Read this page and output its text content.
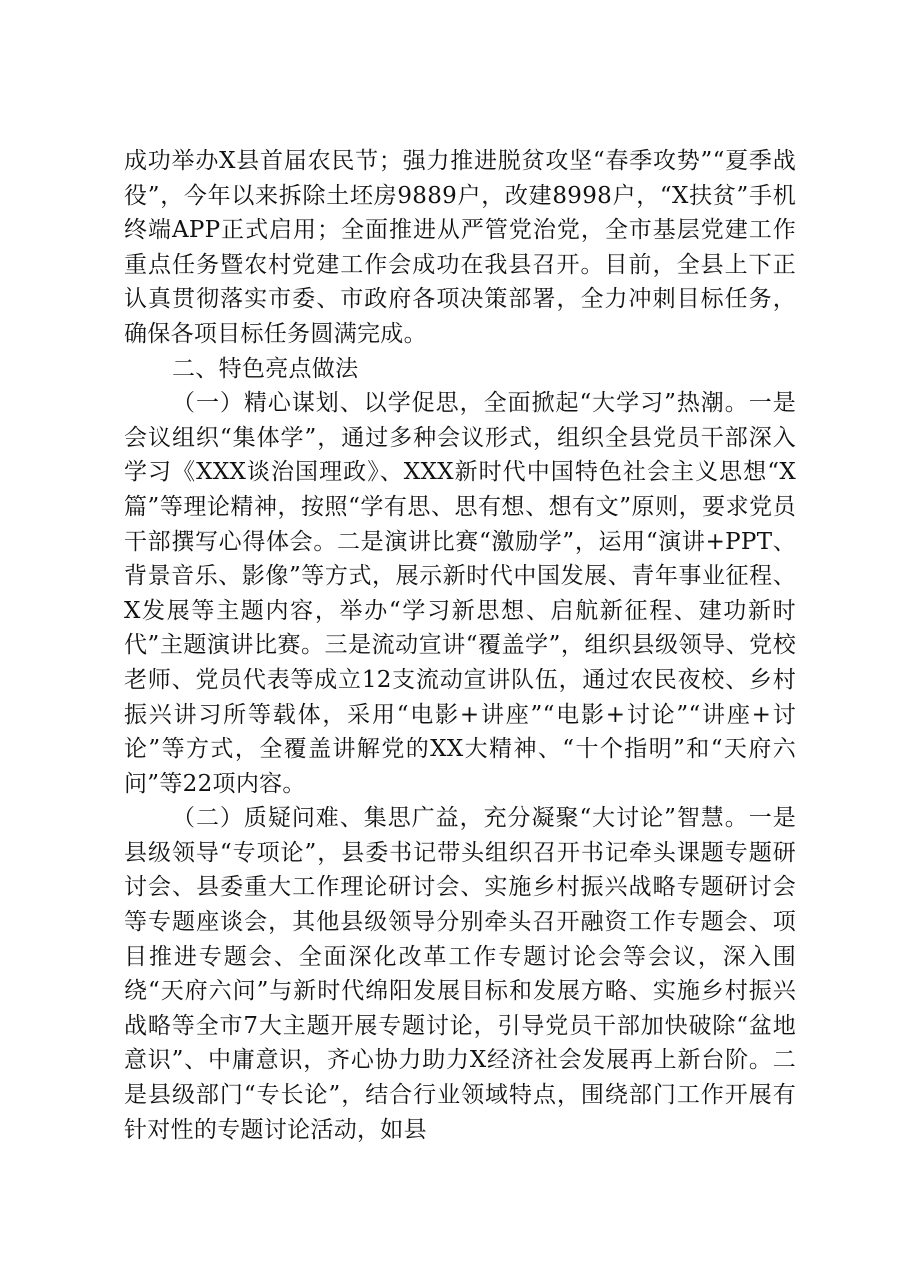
成功举办X县首届农民节；强力推进脱贫攻坚“春季攻势”“夏季战役”，今年以来拆除土坯房9889户，改建8998户，“X扶贫”手机终端APP正式启用；全面推进从严管党治党，全市基层党建工作重点任务暨农村党建工作会成功在我县召开。目前，全县上下正认真贯彻落实市委、市政府各项决策部署，全力冲刺目标任务，确保各项目标任务圆满完成。

二、特色亮点做法

（一）精心谋划、以学促思，全面掀起“大学习”热潮。一是会议组织“集体学”，通过多种会议形式，组织全县党员干部深入学习《XXX谈治国理政》、XXX新时代中国特色社会主义思想“X篇”等理论精神，按照“学有思、思有想、想有文”原则，要求党员干部撰写心得体会。二是演讲比赛“激励学”，运用“演讲+PPT、背景音乐、影像”等方式，展示新时代中国发展、青年事业征程、X发展等主题内容，举办“学习新思想、启航新征程、建功新时代”主题演讲比赛。三是流动宣讲“覆盖学”，组织县级领导、党校老师、党员代表等成立12支流动宣讲队伍，通过农民夜校、乡村振兴讲习所等载体，采用“电影+讲座”“电影+讨论”“讲座+讨论”等方式，全覆盖讲解党的XX大精神、“十个指明”和“天府六问”等22项内容。

（二）质疑问难、集思广益，充分凝聚“大讨论”智慧。一是县级领导“专项论”，县委书记带头组织召开书记牵头课题专题研讨会、县委重大工作理论研讨会、实施乡村振兴战略专题研讨会等专题座谈会，其他县级领导分别牵头召开融资工作专题会、项目推进专题会、全面深化改革工作专题讨论会等会议，深入围绕“天府六问”与新时代绵阳发展目标和发展方略、实施乡村振兴战略等全市7大主题开展专题讨论，引导党员干部加快破除“盆地意识”、中庸意识，齐心协力助力X经济社会发展再上新台阶。二是县级部门“专长论”，结合行业领域特点，围绕部门工作开展有针对性的专题讨论活动，如县
